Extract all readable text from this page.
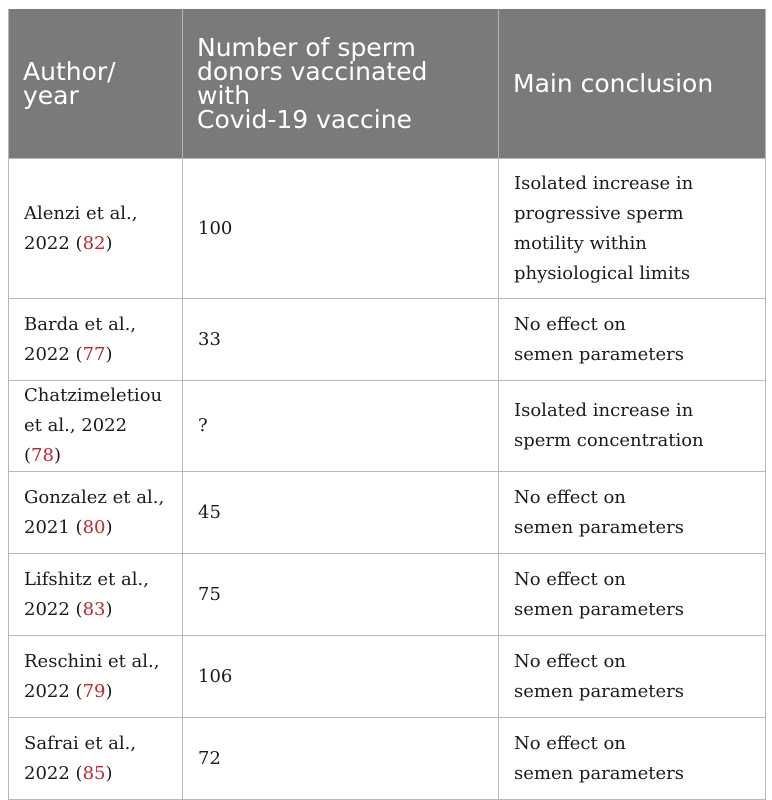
Author/
year	Number of sperm
donors vaccinated
with
Covid-19 vaccine	Main conclusion
Alenzi et al.,
2022 (82)	100	Isolated increase in
progressive sperm
motility within
physiological limits
Barda et al.,
2022 (77)	33	No effect on
semen parameters
Chatzimeletiou
et al., 2022 (78)	?	Isolated increase in
sperm concentration
Gonzalez et al.,
2021 (80)	45	No effect on
semen parameters
Lifshitz et al.,
2022 (83)	75	No effect on
semen parameters
Reschini et al.,
2022 (79)	106	No effect on
semen parameters
Safrai et al.,
2022 (85)	72	No effect on
semen parameters
